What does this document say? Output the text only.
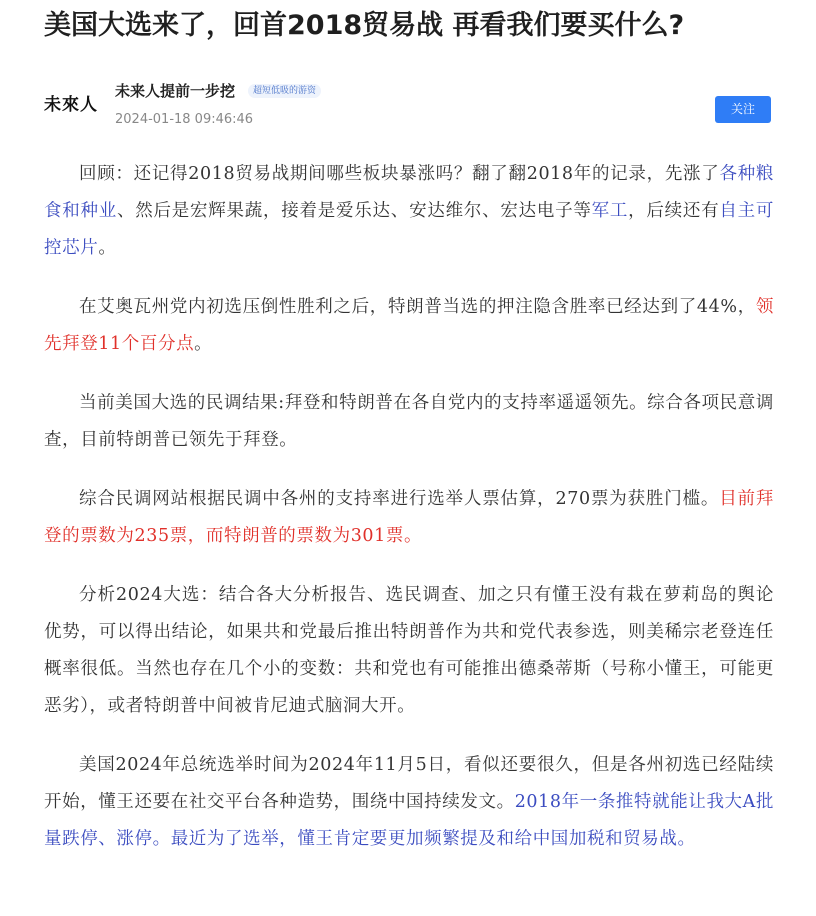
美国大选来了，回首2018贸易战 再看我们要买什么?
未來人
未来人提前一步挖	超短低吸的游资
2024-01-18 09:46:46
关注

回顾：还记得2018贸易战期间哪些板块暴涨吗？翻了翻2018年的记录，先涨了各种粮食和种业、然后是宏辉果蔬，接着是爱乐达、安达维尔、宏达电子等军工，后续还有自主可控芯片。

在艾奥瓦州党内初选压倒性胜利之后，特朗普当选的押注隐含胜率已经达到了44%，领先拜登11个百分点。

当前美国大选的民调结果:拜登和特朗普在各自党内的支持率遥遥领先。综合各项民意调查，目前特朗普已领先于拜登。

综合民调网站根据民调中各州的支持率进行选举人票估算，270票为获胜门槛。目前拜登的票数为235票，而特朗普的票数为301票。

分析2024大选：结合各大分析报告、选民调查、加之只有懂王没有栽在萝莉岛的舆论优势，可以得出结论，如果共和党最后推出特朗普作为共和党代表参选，则美稀宗老登连任概率很低。当然也存在几个小的变数：共和党也有可能推出德桑蒂斯（号称小懂王，可能更恶劣），或者特朗普中间被肯尼迪式脑洞大开。

美国2024年总统选举时间为2024年11月5日，看似还要很久，但是各州初选已经陆续开始，懂王还要在社交平台各种造势，围绕中国持续发文。2018年一条推特就能让我大A批量跌停、涨停。最近为了选举，懂王肯定要更加频繁提及和给中国加税和贸易战。
